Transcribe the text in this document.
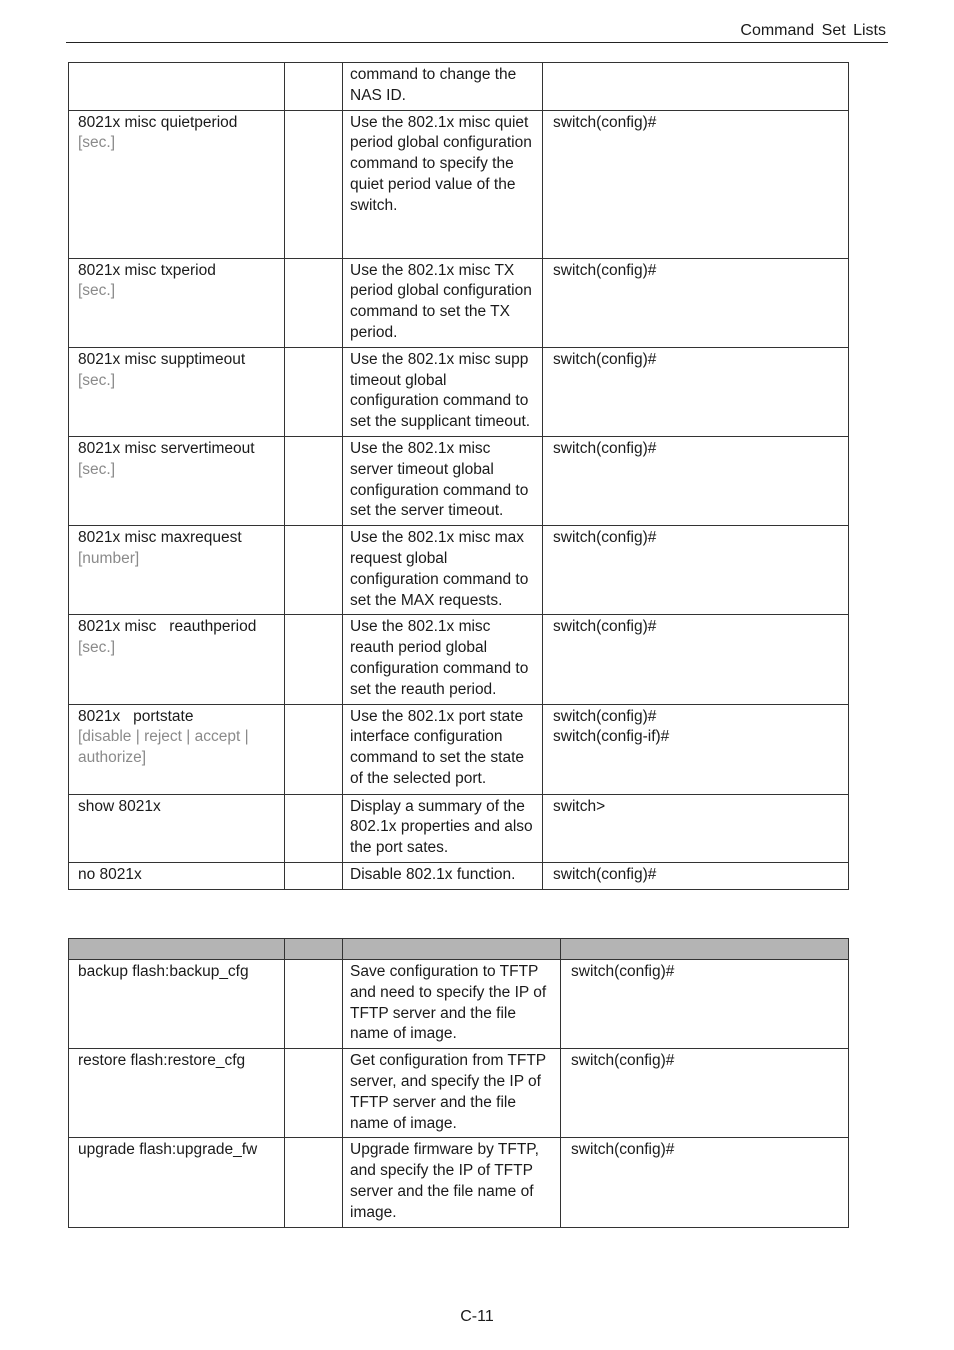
Command Set Lists
		command to change the NAS ID.	

8021x misc quietperiod
[sec.]		Use the 802.1x misc quiet period global configuration command to specify the quiet period value of the switch.	switch(config)#

8021x misc txperiod
[sec.]		Use the 802.1x misc TX period global configuration command to set the TX period.	switch(config)#

8021x misc supptimeout
[sec.]		Use the 802.1x misc supp timeout global configuration command to set the supplicant timeout.	switch(config)#

8021x misc servertimeout
[sec.]		Use the 802.1x misc server timeout global configuration command to set the server timeout.	switch(config)#

8021x misc maxrequest
[number]		Use the 802.1x misc max request global configuration command to set the MAX requests.	switch(config)#

8021x misc   reauthperiod
[sec.]		Use the 802.1x misc reauth period global configuration command to set the reauth period.	switch(config)#

8021x   portstate
[disable | reject | accept | authorize]		Use the 802.1x port state interface configuration command to set the state of the selected port.	switch(config)#
switch(config-if)#

show 8021x		Display a summary of the 802.1x properties and also the port sates.	switch>

no 8021x		Disable 802.1x function.	switch(config)#

backup flash:backup_cfg		Save configuration to TFTP and need to specify the IP of TFTP server and the file name of image.	switch(config)#
restore flash:restore_cfg		Get configuration from TFTP server, and specify the IP of TFTP server and the file name of image.	switch(config)#
upgrade flash:upgrade_fw		Upgrade firmware by TFTP, and specify the IP of TFTP server and the file name of image.	switch(config)#
C-11
